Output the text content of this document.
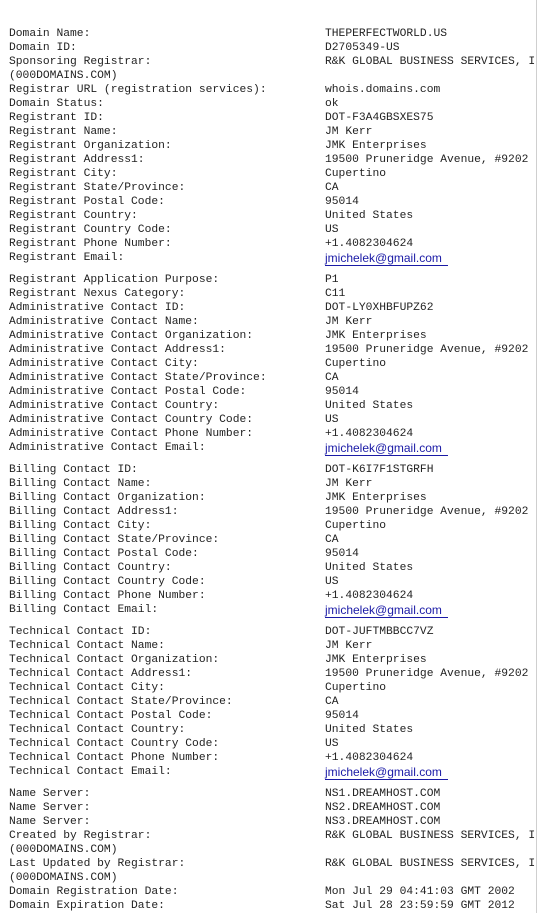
Domain Name:	THEPERFECTWORLD.US
Domain ID:	D2705349-US
Sponsoring Registrar:	R&K GLOBAL BUSINESS SERVICES, I
(000DOMAINS.COM)
Registrar URL (registration services):	whois.domains.com
Domain Status:	ok
Registrant ID:	DOT-F3A4GBSXES75
Registrant Name:	JM Kerr
Registrant Organization:	JMK Enterprises
Registrant Address1:	19500 Pruneridge Avenue, #9202
Registrant City:	Cupertino
Registrant State/Province:	CA
Registrant Postal Code:	95014
Registrant Country:	United States
Registrant Country Code:	US
Registrant Phone Number:	+1.4082304624
Registrant Email:	jmichelek@gmail.com
Registrant Application Purpose:	P1
Registrant Nexus Category:	C11
Administrative Contact ID:	DOT-LY0XHBFUPZ62
Administrative Contact Name:	JM Kerr
Administrative Contact Organization:	JMK Enterprises
Administrative Contact Address1:	19500 Pruneridge Avenue, #9202
Administrative Contact City:	Cupertino
Administrative Contact State/Province:	CA
Administrative Contact Postal Code:	95014
Administrative Contact Country:	United States
Administrative Contact Country Code:	US
Administrative Contact Phone Number:	+1.4082304624
Administrative Contact Email:	jmichelek@gmail.com
Billing Contact ID:	DOT-K6I7F1STGRFH
Billing Contact Name:	JM Kerr
Billing Contact Organization:	JMK Enterprises
Billing Contact Address1:	19500 Pruneridge Avenue, #9202
Billing Contact City:	Cupertino
Billing Contact State/Province:	CA
Billing Contact Postal Code:	95014
Billing Contact Country:	United States
Billing Contact Country Code:	US
Billing Contact Phone Number:	+1.4082304624
Billing Contact Email:	jmichelek@gmail.com
Technical Contact ID:	DOT-JUFTMBBCC7VZ
Technical Contact Name:	JM Kerr
Technical Contact Organization:	JMK Enterprises
Technical Contact Address1:	19500 Pruneridge Avenue, #9202
Technical Contact City:	Cupertino
Technical Contact State/Province:	CA
Technical Contact Postal Code:	95014
Technical Contact Country:	United States
Technical Contact Country Code:	US
Technical Contact Phone Number:	+1.4082304624
Technical Contact Email:	jmichelek@gmail.com
Name Server:	NS1.DREAMHOST.COM
Name Server:	NS2.DREAMHOST.COM
Name Server:	NS3.DREAMHOST.COM
Created by Registrar:	R&K GLOBAL BUSINESS SERVICES, I
(000DOMAINS.COM)
Last Updated by Registrar:	R&K GLOBAL BUSINESS SERVICES, I
(000DOMAINS.COM)
Domain Registration Date:	Mon Jul 29 04:41:03 GMT 2002
Domain Expiration Date:	Sat Jul 28 23:59:59 GMT 2012
